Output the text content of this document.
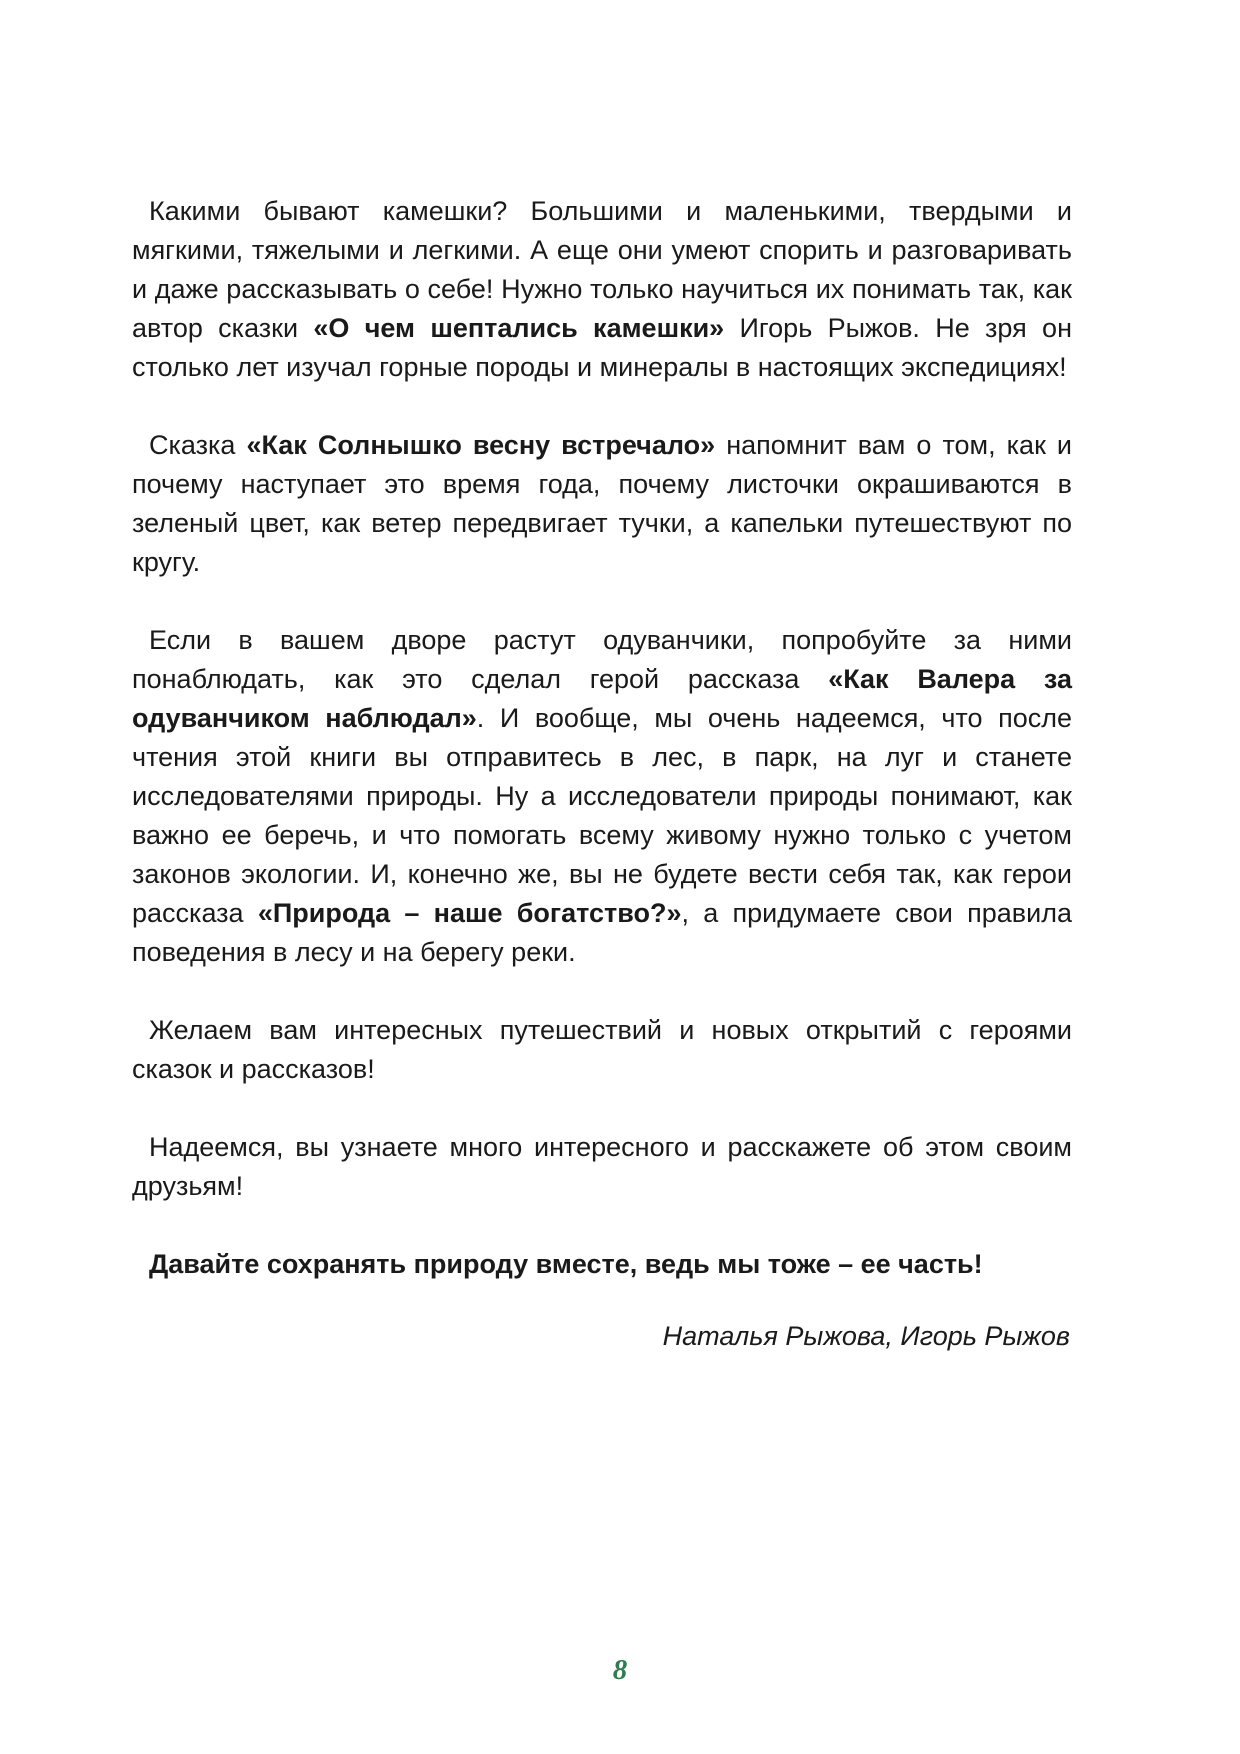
Какими бывают камешки? Большими и маленькими, твердыми и мягкими, тяжелыми и легкими. А еще они умеют спорить и разговаривать и даже рассказывать о себе! Нужно только научиться их понимать так, как автор сказки «О чем шептались камешки» Игорь Рыжов. Не зря он столько лет изучал горные породы и минералы в настоящих экспедициях!

Сказка «Как Солнышко весну встречало» напомнит вам о том, как и почему наступает это время года, почему листочки окрашиваются в зеленый цвет, как ветер передвигает тучки, а капельки путешествуют по кругу.

Если в вашем дворе растут одуванчики, попробуйте за ними понаблюдать, как это сделал герой рассказа «Как Валера за одуванчиком наблюдал». И вообще, мы очень надеемся, что после чтения этой книги вы отправитесь в лес, в парк, на луг и станете исследователями природы. Ну а исследователи природы понимают, как важно ее беречь, и что помогать всему живому нужно только с учетом законов экологии. И, конечно же, вы не будете вести себя так, как герои рассказа «Природа – наше богатство?», а придумаете свои правила поведения в лесу и на берегу реки.

Желаем вам интересных путешествий и новых открытий с героями сказок и рассказов!

Надеемся, вы узнаете много интересного и расскажете об этом своим друзьям!

Давайте сохранять природу вместе, ведь мы тоже – ее часть!

Наталья Рыжова, Игорь Рыжов

8
